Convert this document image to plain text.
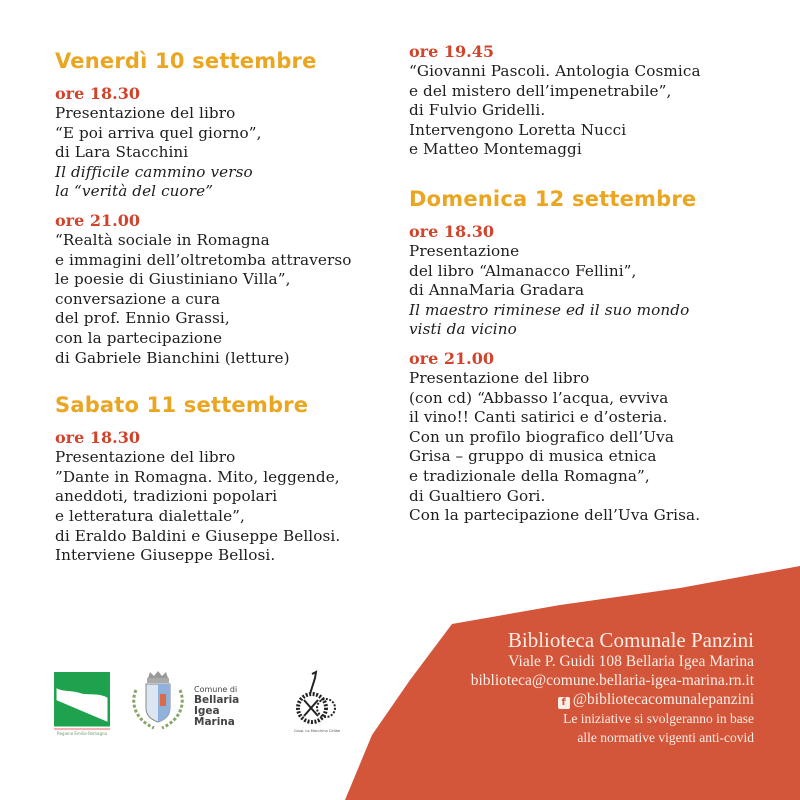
Venerdì 10 settembre
ore 18.30
Presentazione del libro
“E poi arriva quel giorno”,
di Lara Stacchini
Il difficile cammino verso
la “verità del cuore”
ore 21.00
“Realtà sociale in Romagna
e immagini dell’oltretomba attraverso
le poesie di Giustiniano Villa”,
conversazione a cura
del prof. Ennio Grassi,
con la partecipazione
di Gabriele Bianchini (letture)
Sabato 11 settembre
ore 18.30
Presentazione del libro
”Dante in Romagna. Mito, leggende,
aneddoti, tradizioni popolari
e letteratura dialettale”,
di Eraldo Baldini e Giuseppe Bellosi.
Interviene Giuseppe Bellosi.
ore 19.45
“Giovanni Pascoli. Antologia Cosmica
e del mistero dell’impenetrabile”,
di Fulvio Gridelli.
Intervengono Loretta Nucci
e Matteo Montemaggi
Domenica 12 settembre
ore 18.30
Presentazione
del libro “Almanacco Fellini”,
di AnnaMaria Gradara
Il maestro riminese ed il suo mondo
visti da vicino
ore 21.00
Presentazione del libro
(con cd) “Abbasso l’acqua, evviva
il vino!! Canti satirici e d’osteria.
Con un profilo biografico dell’Uva
Grisa – gruppo di musica etnica
e tradizionale della Romagna”,
di Gualtiero Gori.
Con la partecipazione dell’Uva Grisa.
Regione Emilia-Romagna
Comune di
Bellaria
Igea Marina
Coop. La Macchina Celibe
Biblioteca Comunale Panzini
Viale P. Guidi 108 Bellaria Igea Marina
biblioteca@comune.bellaria-igea-marina.rn.it
f @bibliotecacomunalepanzini
Le iniziative si svolgeranno in base
alle normative vigenti anti-covid
